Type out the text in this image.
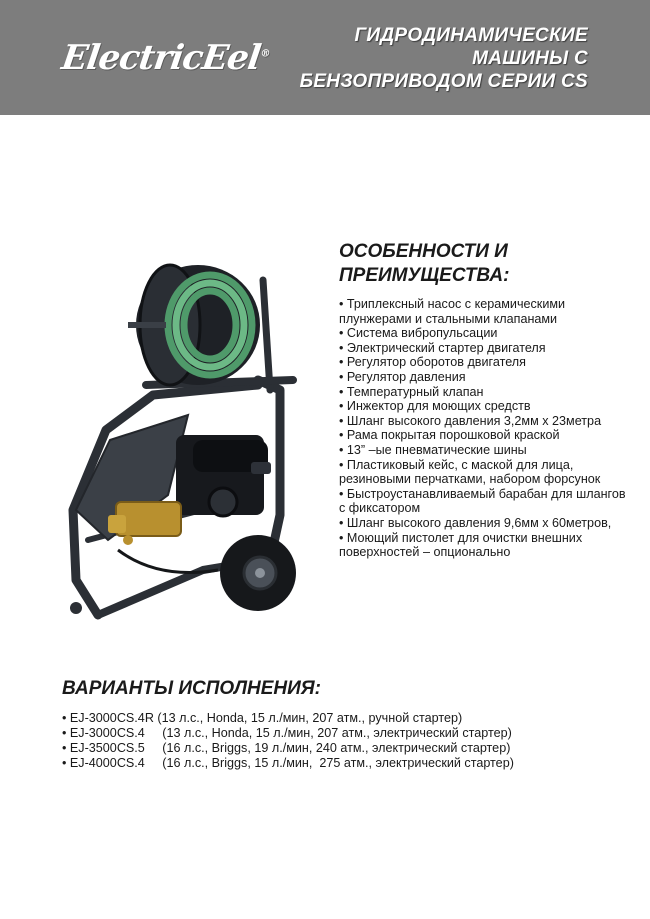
ElectricEel®
ГИДРОДИНАМИЧЕСКИЕ
МАШИНЫ С
БЕНЗОПРИВОДОМ СЕРИИ CS
ОСОБЕННОСТИ И
ПРЕИМУЩЕСТВА:
• Триплексный насос с керамическими плунжерами и стальными клапанами
• Система вибропульсации
• Электрический стартер двигателя
• Регулятор оборотов двигателя
• Регулятор давления
• Температурный клапан
• Инжектор для моющих средств
• Шланг высокого давления 3,2мм х 23метра
• Рама покрытая порошковой краской
• 13” –ые пневматические шины
• Пластиковый кейс, с маской для лица, резиновыми перчатками, набором форсунок
• Быстроустанавливаемый барабан для шлангов с фиксатором
• Шланг высокого давления 9,6мм х 60метров,
• Моющий пистолет для очистки внешних поверхностей – опционально
ВАРИАНТЫ ИСПОЛНЕНИЯ:
• EJ-3000CS.4R (13 л.с., Honda, 15 л./мин, 207 атм., ручной стартер)
• EJ-3000CS.4     (13 л.с., Honda, 15 л./мин, 207 атм., электрический стартер)
• EJ-3500CS.5     (16 л.с., Briggs, 19 л./мин, 240 атм., электрический стартер)
• EJ-4000CS.4     (16 л.с., Briggs, 15 л./мин,  275 атм., электрический стартер)
